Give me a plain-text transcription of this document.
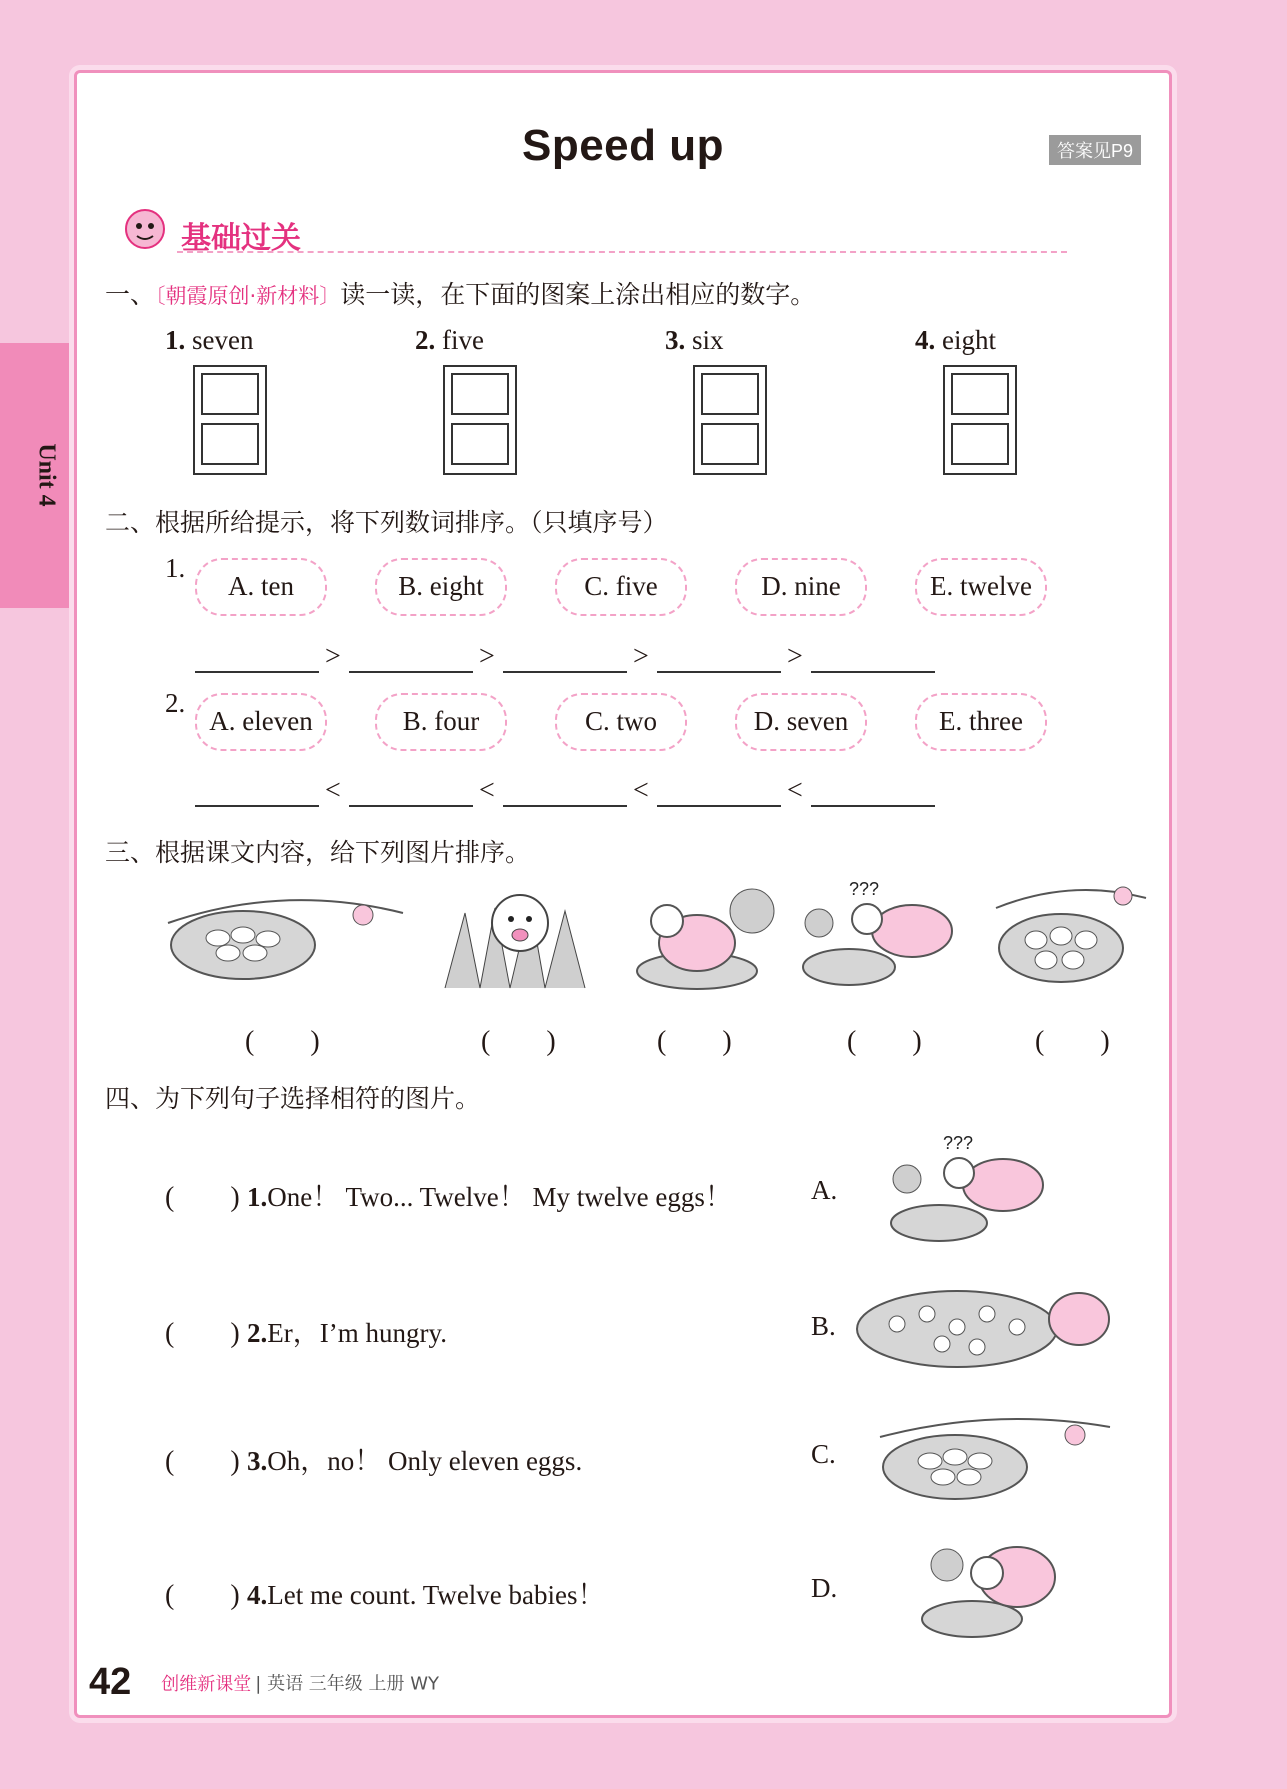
Unit 4
Speed up	答案见P9
基础过关
一、〔朝霞原创·新材料〕读一读，在下面的图案上涂出相应的数字。
1. seven	2. five	3. six	4. eight
二、根据所给提示，将下列数词排序。（只填序号）
1.
A. ten	B. eight	C. five	D. nine	E. twelve
>	>	>	>
2.
A. eleven	B. four	C. two	D. seven	E. three
<	<	<	<
三、根据课文内容，给下列图片排序。
???
(　　)	(　　)	(　　)	(　　)	(　　)
四、为下列句子选择相符的图片。
(　　) 1.One！ Two... Twelve！ My twelve eggs！	A.
(　　) 2.Er，I’m hungry.	B.
(　　) 3.Oh，no！ Only eleven eggs.	C.
(　　) 4.Let me count. Twelve babies！	D.
???
42 创维新课堂 | 英语 三年级 上册 WY
